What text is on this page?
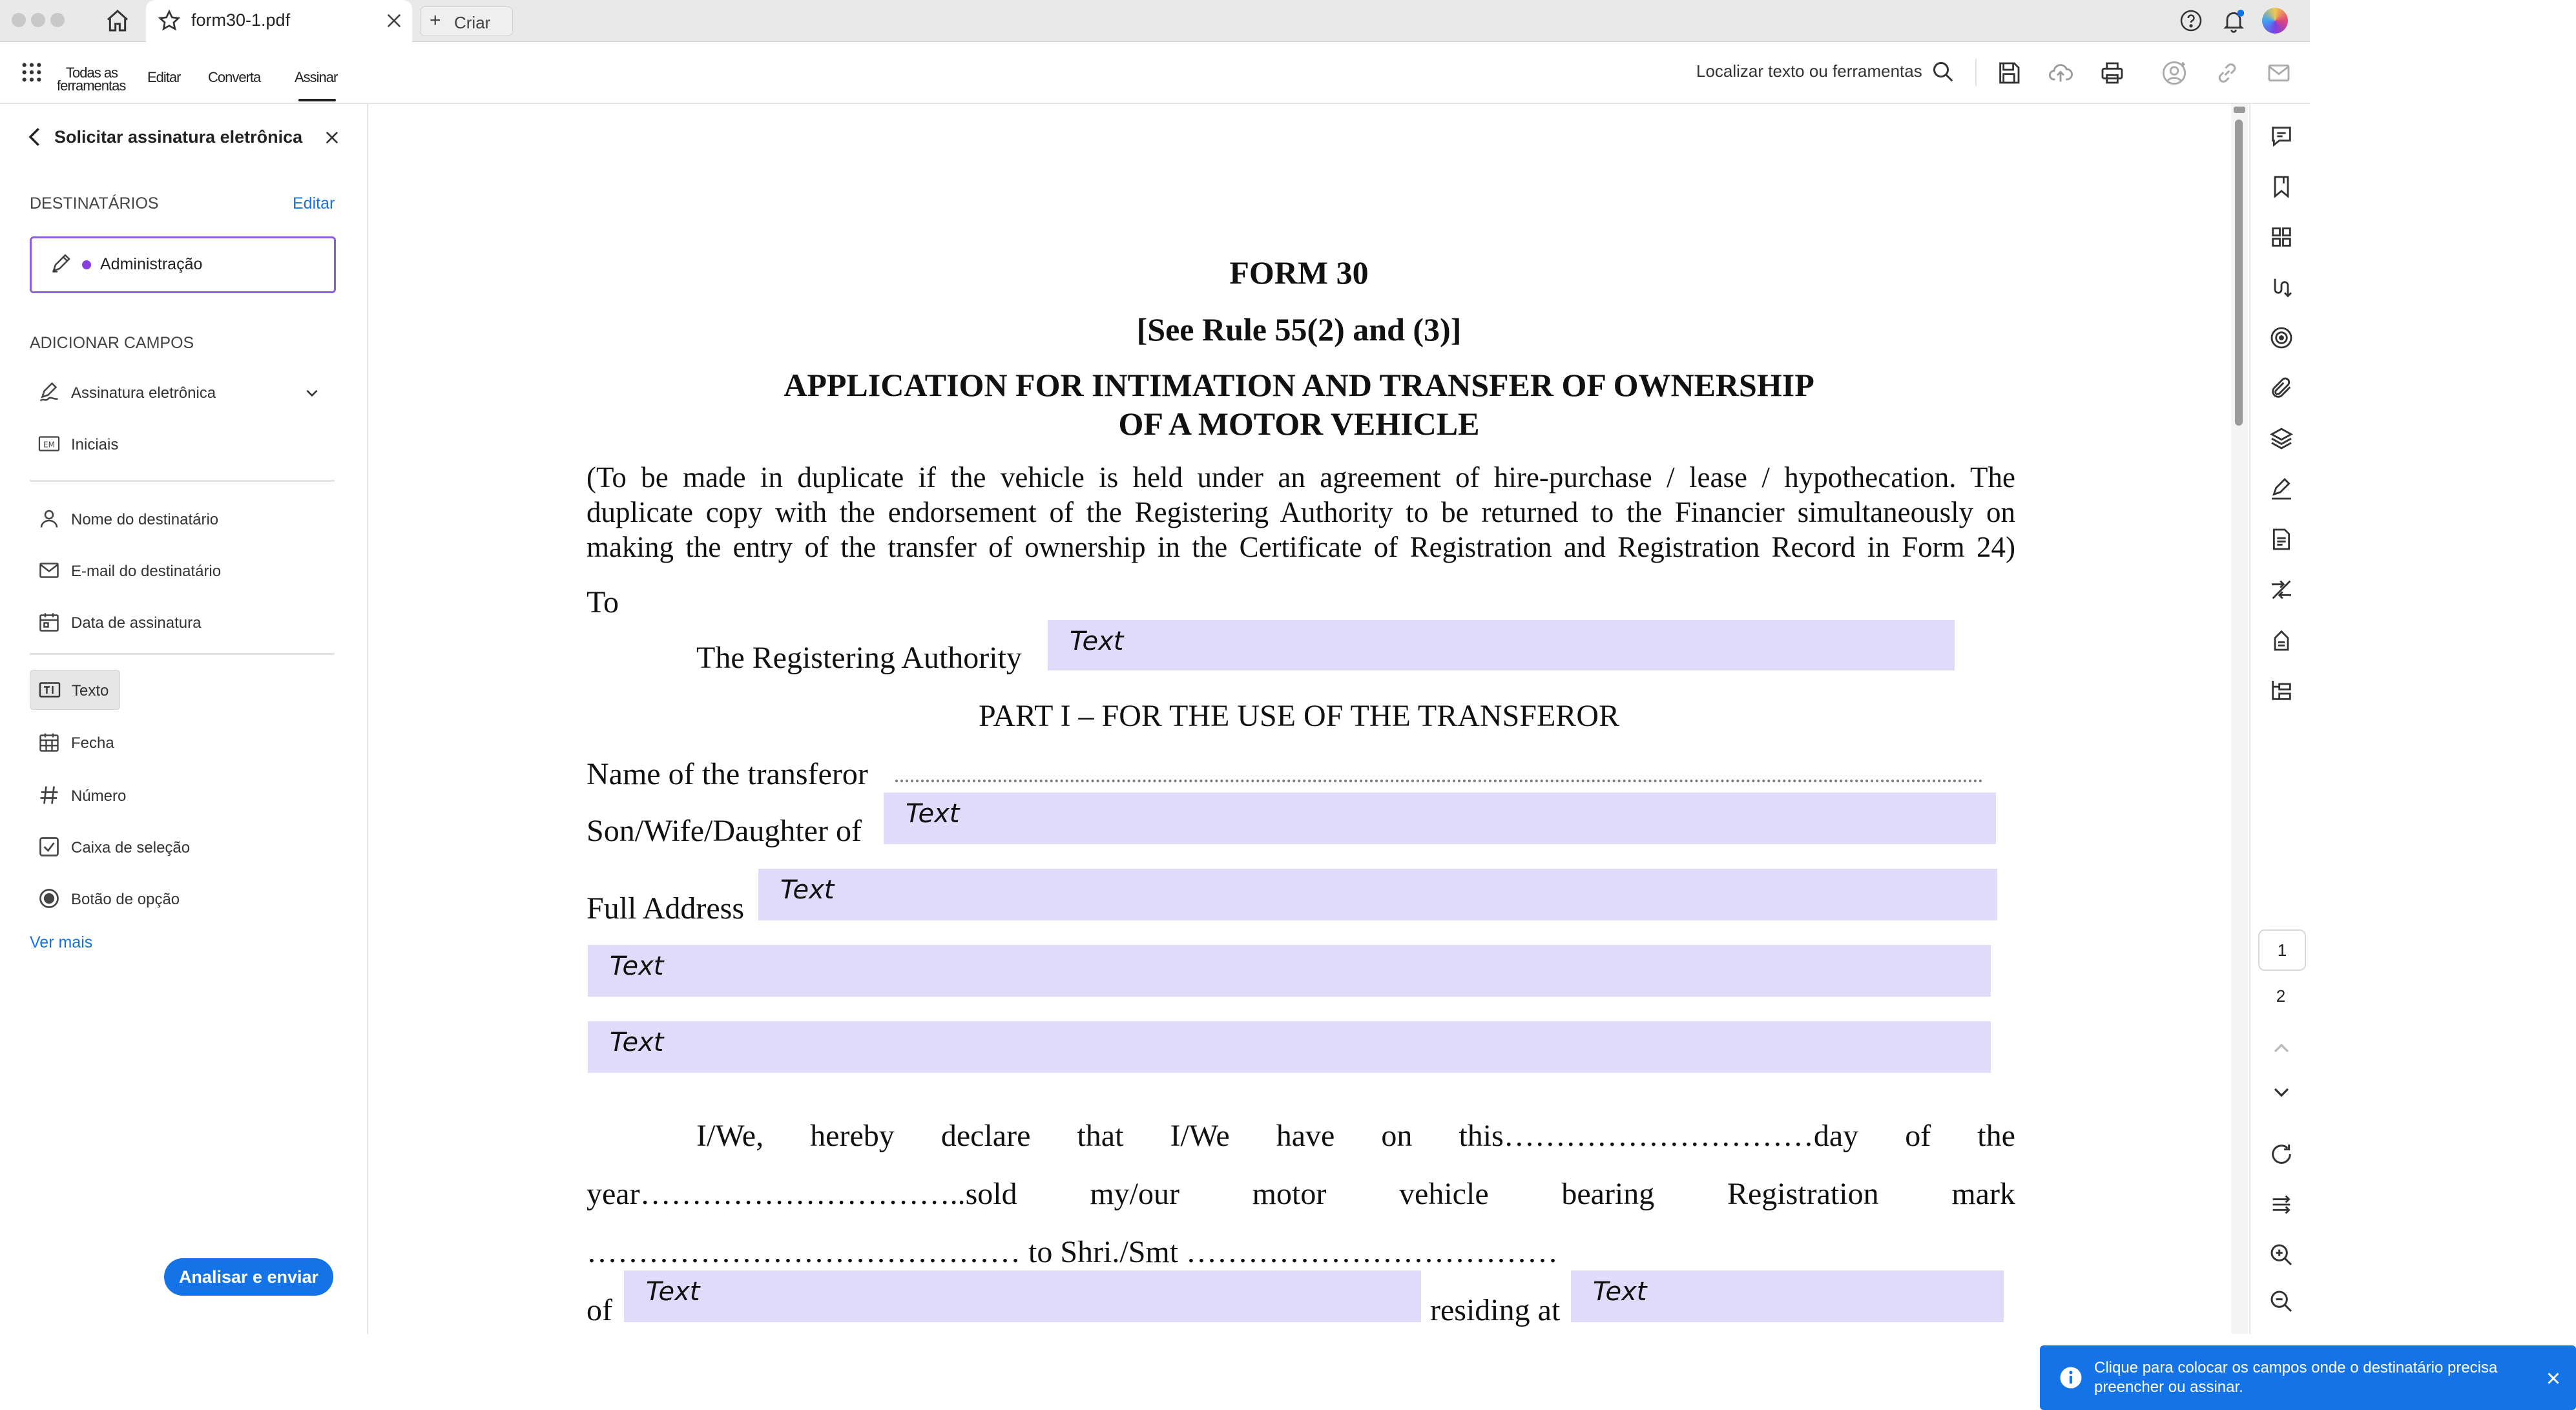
form30-1.pdf	+ Criar
Todas as
ferramentas
Editar Converta Assinar	Localizar texto ou ferramentas
Solicitar assinatura eletrônica
DESTINATÁRIOS	Editar
Administração
ADICIONAR CAMPOS
Assinatura eletrônica
EM Iniciais
Nome do destinatário
E-mail do destinatário
Data de assinatura
Texto
Fecha
Número
Caixa de seleção
Botão de opção
Ver mais
Analisar e enviar
FORM 30
[See Rule 55(2) and (3)]
APPLICATION FOR INTIMATION AND TRANSFER OF OWNERSHIP
OF A MOTOR VEHICLE
(To be made in duplicate if the vehicle is held under an agreement of hire-purchase / lease / hypothecation. The
duplicate copy with the endorsement of the Registering Authority to be returned to the Financier simultaneously on
making the entry of the transfer of ownership in the Certificate of Registration and Registration Record in Form 24)
To
The Registering Authority Text
PART I – FOR THE USE OF THE TRANSFEROR
Name of the transferor
Son/Wife/Daughter of Text
Full Address
Text
Text
Text
I/We, hereby declare that I/We have on this…………………………day of the
year…………………………..sold my/our motor vehicle bearing Registration mark
…………………………………… to Shri./Smt ………………………………
of
Text
residing at
Text
Clique para colocar os campos onde o destinatário precisa preencher ou assinar.
1
2
